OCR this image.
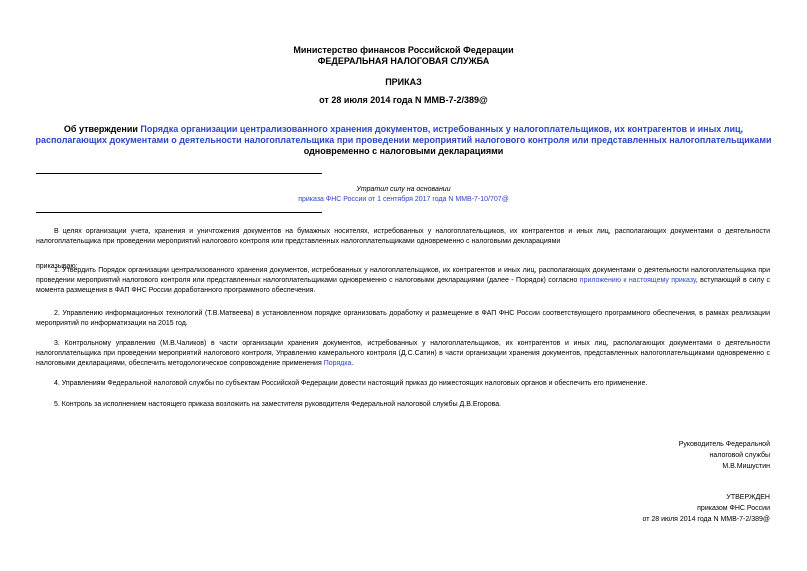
Министерство финансов Российской Федерации
ФЕДЕРАЛЬНАЯ НАЛОГОВАЯ СЛУЖБА
ПРИКАЗ
от 28 июля 2014 года N ММВ-7-2/389@
Об утверждении Порядка организации централизованного хранения документов, истребованных у налогоплательщиков, их контрагентов и иных лиц, располагающих документами о деятельности налогоплательщика при проведении мероприятий налогового контроля или представленных налогоплательщиками одновременно с налоговыми декларациями
Утратил силу на основании
приказа ФНС России от 1 сентября 2017 года N ММВ-7-10/707@

В целях организации учета, хранения и уничтожения документов на бумажных носителях, истребованных у налогоплательщиков, их контрагентов и иных лиц, располагающих документами о деятельности налогоплательщика при проведении мероприятий налогового контроля или представленных налогоплательщиками одновременно с налоговыми декларациями

приказываю:

1. Утвердить Порядок организации централизованного хранения документов, истребованных у налогоплательщиков, их контрагентов и иных лиц, располагающих документами о деятельности налогоплательщика при проведении мероприятий налогового контроля или представленных налогоплательщиками одновременно с налоговыми декларациями (далее - Порядок) согласно приложению к настоящему приказу, вступающий в силу с момента размещения в ФАП ФНС России доработанного программного обеспечения.

2. Управлению информационных технологий (Т.В.Матвеева) в установленном порядке организовать доработку и размещение в ФАП ФНС России соответствующего программного обеспечения, в рамках реализации мероприятий по информатизации на 2015 год.

3. Контрольному управлению (М.В.Чаликов) в части организации хранения документов, истребованных у налогоплательщиков, их контрагентов и иных лиц, располагающих документами о деятельности налогоплательщика при проведении мероприятий налогового контроля, Управлению камерального контроля (Д.С.Сатин) в части организации хранения документов, представленных налогоплательщиками одновременно с налоговыми декларациями, обеспечить методологическое сопровождение применения Порядка.

4. Управлениям Федеральной налоговой службы по субъектам Российской Федерации довести настоящий приказ до нижестоящих налоговых органов и обеспечить его применение.

5. Контроль за исполнением настоящего приказа возложить на заместителя руководителя Федеральной налоговой службы Д.В.Егорова.

Руководитель Федеральной
налоговой службы
М.В.Мишустин
УТВЕРЖДЕН
приказом ФНС России
от 28 июля 2014 года N ММВ-7-2/389@
